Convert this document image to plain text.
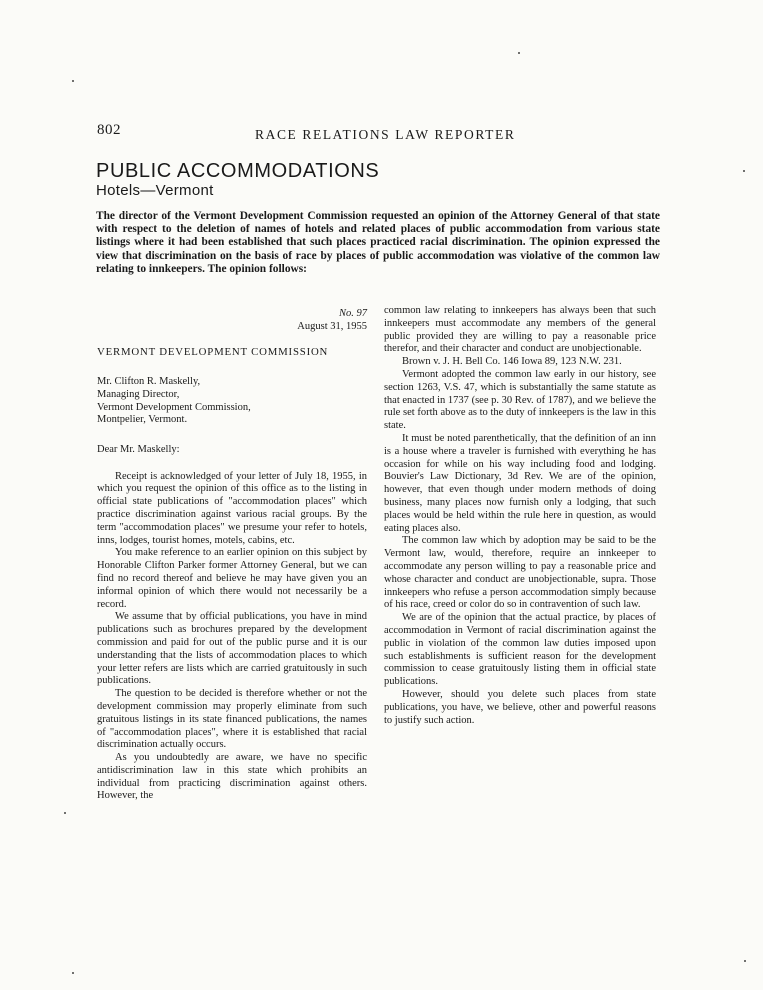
802	RACE RELATIONS LAW REPORTER
PUBLIC ACCOMMODATIONS
Hotels—Vermont
The director of the Vermont Development Commission requested an opinion of the Attorney General of that state with respect to the deletion of names of hotels and related places of public accommodation from various state listings where it had been established that such places practiced racial discrimination. The opinion expressed the view that discrimination on the basis of race by places of public accommodation was violative of the common law relating to innkeepers. The opinion follows:

No. 97

August 31, 1955

VERMONT DEVELOPMENT COMMISSION

Mr. Clifton R. Maskelly,

Managing Director,

Vermont Development Commission,

Montpelier, Vermont.

Dear Mr. Maskelly:

Receipt is acknowledged of your letter of July 18, 1955, in which you request the opinion of this office as to the listing in official state publications of "accommodation places" which practice discrimination against various racial groups. By the term "accommodation places" we presume your refer to hotels, inns, lodges, tourist homes, motels, cabins, etc.

You make reference to an earlier opinion on this subject by Honorable Clifton Parker former Attorney General, but we can find no record thereof and believe he may have given you an informal opinion of which there would not necessarily be a record.

We assume that by official publications, you have in mind publications such as brochures prepared by the development commission and paid for out of the public purse and it is our understanding that the lists of accommodation places to which your letter refers are lists which are carried gratuitously in such publications.

The question to be decided is therefore whether or not the development commission may properly eliminate from such gratuitous listings in its state financed publications, the names of "accommodation places", where it is established that racial discrimination actually occurs.

As you undoubtedly are aware, we have no specific antidiscrimination law in this state which prohibits an individual from practicing discrimination against others. However, the

common law relating to innkeepers has always been that such innkeepers must accommodate any members of the general public provided they are willing to pay a reasonable price therefor, and their character and conduct are unobjectionable.

Brown v. J. H. Bell Co. 146 Iowa 89, 123 N.W. 231.

Vermont adopted the common law early in our history, see section 1263, V.S. 47, which is substantially the same statute as that enacted in 1737 (see p. 30 Rev. of 1787), and we believe the rule set forth above as to the duty of innkeepers is the law in this state.

It must be noted parenthetically, that the definition of an inn is a house where a traveler is furnished with everything he has occasion for while on his way including food and lodging. Bouvier's Law Dictionary, 3d Rev. We are of the opinion, however, that even though under modern methods of doing business, many places now furnish only a lodging, that such places would be held within the rule here in question, as would eating places also.

The common law which by adoption may be said to be the Vermont law, would, therefore, require an innkeeper to accommodate any person willing to pay a reasonable price and whose character and conduct are unobjectionable, supra. Those innkeepers who refuse a person accommodation simply because of his race, creed or color do so in contravention of such law.

We are of the opinion that the actual practice, by places of accommodation in Vermont of racial discrimination against the public in violation of the common law duties imposed upon such establishments is sufficient reason for the development commission to cease gratuitously listing them in official state publications.

However, should you delete such places from state publications, you have, we believe, other and powerful reasons to justify such action.
